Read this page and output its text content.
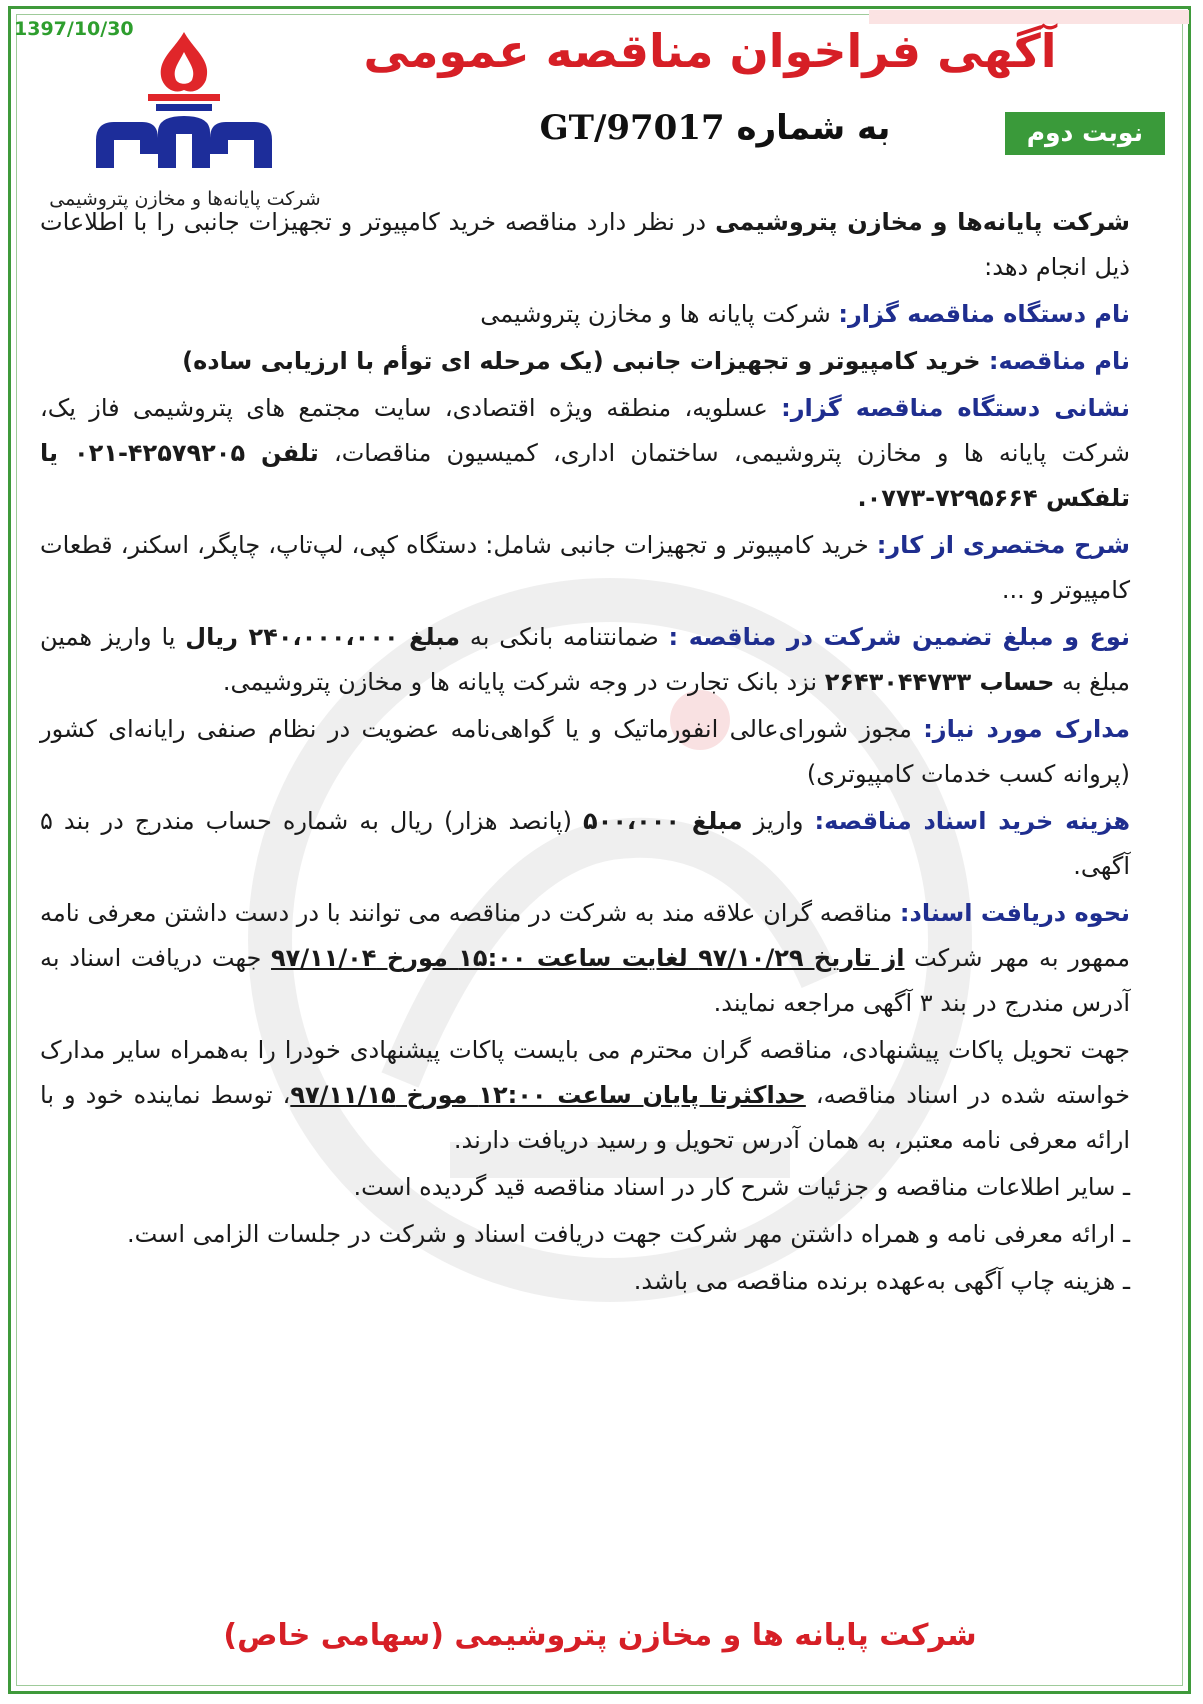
1397/10/30
شرکت پایانه‌ها و مخازن پتروشیمی
آگهی فراخوان مناقصه عمومی
به شماره GT/97017	نوبت دوم

شرکت پایانه‌ها و مخازن پتروشیمی در نظر دارد مناقصه خرید کامپیوتر و تجهیزات جانبی را با اطلاعات ذیل انجام دهد:

نام دستگاه مناقصه گزار: شرکت پایانه ها و مخازن پتروشیمی

نام مناقصه: خرید کامپیوتر و تجهیزات جانبی (یک مرحله ای توأم با ارزیابی ساده)

نشانی دستگاه مناقصه گزار: عسلویه، منطقه ویژه اقتصادی، سایت مجتمع های پتروشیمی فاز یک، شرکت پایانه ها و مخازن پتروشیمی، ساختمان اداری، کمیسیون مناقصات، تلفن ۴۲۵۷۹۲۰۵-۰۲۱ یا تلفکس ۷۲۹۵۶۶۴-۰۷۷۳.

شرح مختصری از کار: خرید کامپیوتر و تجهیزات جانبی شامل: دستگاه کپی، لپ‌تاپ، چاپگر، اسکنر، قطعات کامپیوتر و ...

نوع و مبلغ تضمین شرکت در مناقصه : ضمانتنامه بانکی به مبلغ ۲۴۰،۰۰۰،۰۰۰ ریال یا واریز همین مبلغ به حساب ۲۶۴۳۰۴۴۷۳۳ نزد بانک تجارت در وجه شرکت پایانه ها و مخازن پتروشیمی.

مدارک مورد نیاز: مجوز شورای‌عالی انفورماتیک و یا گواهی‌نامه عضویت در نظام صنفی رایانه‌ای کشور (پروانه کسب خدمات کامپیوتری)

هزینه خرید اسناد مناقصه: واریز مبلغ ۵۰۰،۰۰۰ (پانصد هزار) ریال به شماره حساب مندرج در بند ۵ آگهی.

نحوه دریافت اسناد: مناقصه گران علاقه مند به شرکت در مناقصه می توانند با در دست داشتن معرفی نامه ممهور به مهر شرکت از تاریخ ۹۷/۱۰/۲۹ لغایت ساعت ۱۵:۰۰ مورخ ۹۷/۱۱/۰۴ جهت دریافت اسناد به آدرس مندرج در بند ۳ آگهی مراجعه نمایند.

جهت تحویل پاکات پیشنهادی، مناقصه گران محترم می بایست پاکات پیشنهادی خودرا را به‌همراه سایر مدارک خواسته شده در اسناد مناقصه، حداکثرتا پایان ساعت ۱۲:۰۰ مورخ ۹۷/۱۱/۱۵، توسط نماینده خود و با ارائه معرفی نامه معتبر، به همان آدرس تحویل و رسید دریافت دارند.

ـ سایر اطلاعات مناقصه و جزئیات شرح کار در اسناد مناقصه قید گردیده است.

ـ ارائه معرفی نامه و همراه داشتن مهر شرکت جهت دریافت اسناد و شرکت در جلسات الزامی است.

ـ هزینه چاپ آگهی به‌عهده برنده مناقصه می باشد.

شرکت پایانه ها و مخازن پتروشیمی (سهامی خاص)
